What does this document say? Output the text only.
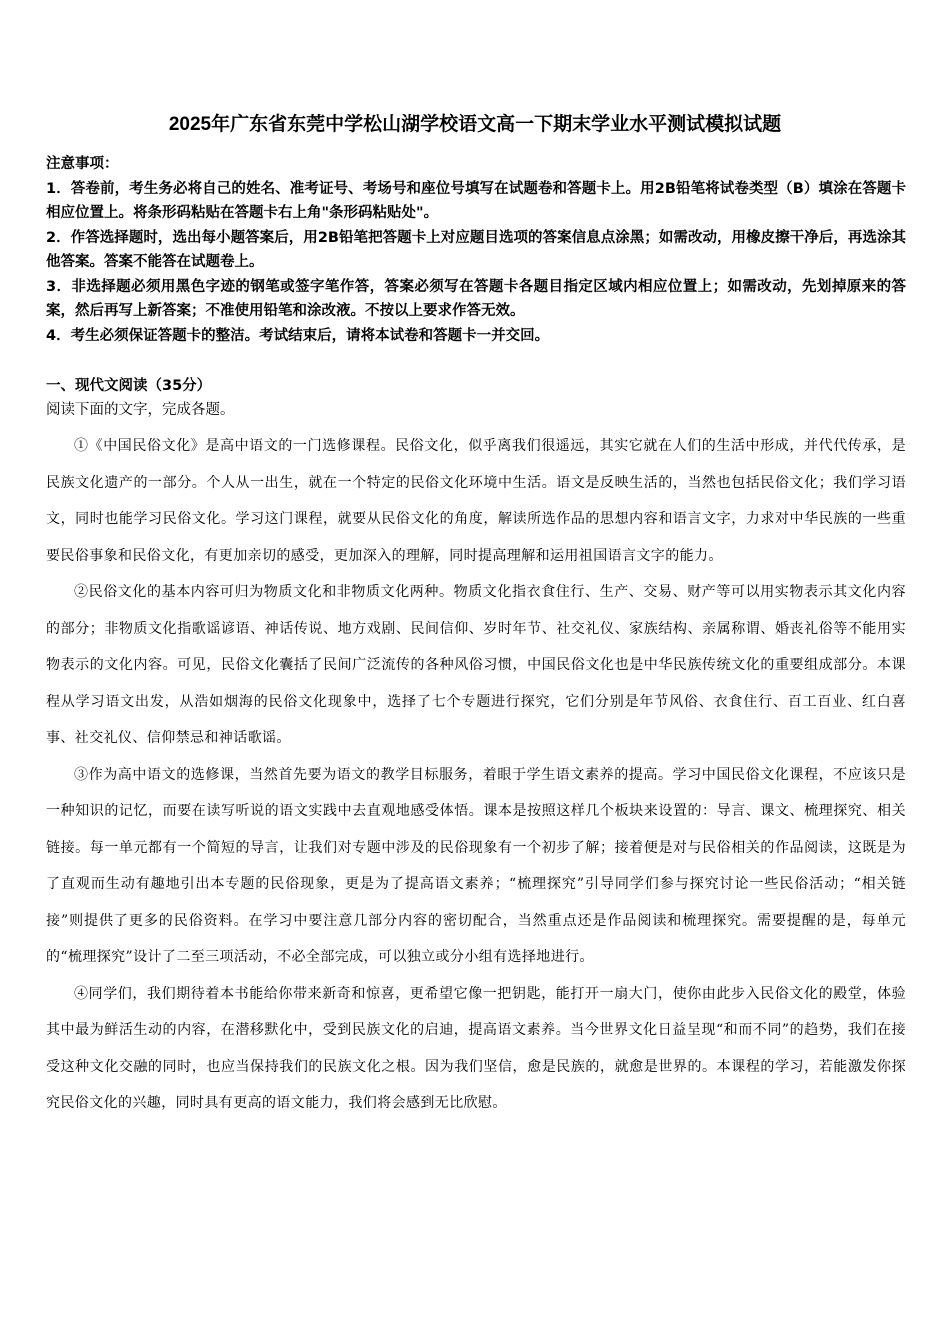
2025年广东省东莞中学松山湖学校语文高一下期末学业水平测试模拟试题

注意事项：

1．答卷前，考生务必将自己的姓名、准考证号、考场号和座位号填写在试题卷和答题卡上。用2B铅笔将试卷类型（B）填涂在答题卡相应位置上。将条形码粘贴在答题卡右上角"条形码粘贴处"。

2．作答选择题时，选出每小题答案后，用2B铅笔把答题卡上对应题目选项的答案信息点涂黑；如需改动，用橡皮擦干净后，再选涂其他答案。答案不能答在试题卷上。

3．非选择题必须用黑色字迹的钢笔或签字笔作答，答案必须写在答题卡各题目指定区域内相应位置上；如需改动，先划掉原来的答案，然后再写上新答案；不准使用铅笔和涂改液。不按以上要求作答无效。

4．考生必须保证答题卡的整洁。考试结束后，请将本试卷和答题卡一并交回。

一、现代文阅读（35分）

阅读下面的文字，完成各题。

①《中国民俗文化》是高中语文的一门选修课程。民俗文化，似乎离我们很遥远，其实它就在人们的生活中形成，并代代传承，是民族文化遗产的一部分。个人从一出生，就在一个特定的民俗文化环境中生活。语文是反映生活的，当然也包括民俗文化；我们学习语文，同时也能学习民俗文化。学习这门课程，就要从民俗文化的角度，解读所选作品的思想内容和语言文字，力求对中华民族的一些重要民俗事象和民俗文化，有更加亲切的感受，更加深入的理解，同时提高理解和运用祖国语言文字的能力。

②民俗文化的基本内容可归为物质文化和非物质文化两种。物质文化指衣食住行、生产、交易、财产等可以用实物表示其文化内容的部分；非物质文化指歌谣谚语、神话传说、地方戏剧、民间信仰、岁时年节、社交礼仪、家族结构、亲属称谓、婚丧礼俗等不能用实物表示的文化内容。可见，民俗文化囊括了民间广泛流传的各种风俗习惯，中国民俗文化也是中华民族传统文化的重要组成部分。本课程从学习语文出发，从浩如烟海的民俗文化现象中，选择了七个专题进行探究，它们分别是年节风俗、衣食住行、百工百业、红白喜事、社交礼仪、信仰禁忌和神话歌谣。

③作为高中语文的选修课，当然首先要为语文的教学目标服务，着眼于学生语文素养的提高。学习中国民俗文化课程，不应该只是一种知识的记忆，而要在读写听说的语文实践中去直观地感受体悟。课本是按照这样几个板块来设置的：导言、课文、梳理探究、相关链接。每一单元都有一个简短的导言，让我们对专题中涉及的民俗现象有一个初步了解；接着便是对与民俗相关的作品阅读，这既是为了直观而生动有趣地引出本专题的民俗现象，更是为了提高语文素养；“梳理探究”引导同学们参与探究讨论一些民俗活动；“相关链接”则提供了更多的民俗资料。在学习中要注意几部分内容的密切配合，当然重点还是作品阅读和梳理探究。需要提醒的是，每单元的“梳理探究”设计了二至三项活动，不必全部完成，可以独立或分小组有选择地进行。

④同学们，我们期待着本书能给你带来新奇和惊喜，更希望它像一把钥匙，能打开一扇大门，使你由此步入民俗文化的殿堂，体验其中最为鲜活生动的内容，在潜移默化中，受到民族文化的启迪，提高语文素养。当今世界文化日益呈现“和而不同”的趋势，我们在接受这种文化交融的同时，也应当保持我们的民族文化之根。因为我们坚信，愈是民族的，就愈是世界的。本课程的学习，若能激发你探究民俗文化的兴趣，同时具有更高的语文能力，我们将会感到无比欣慰。
